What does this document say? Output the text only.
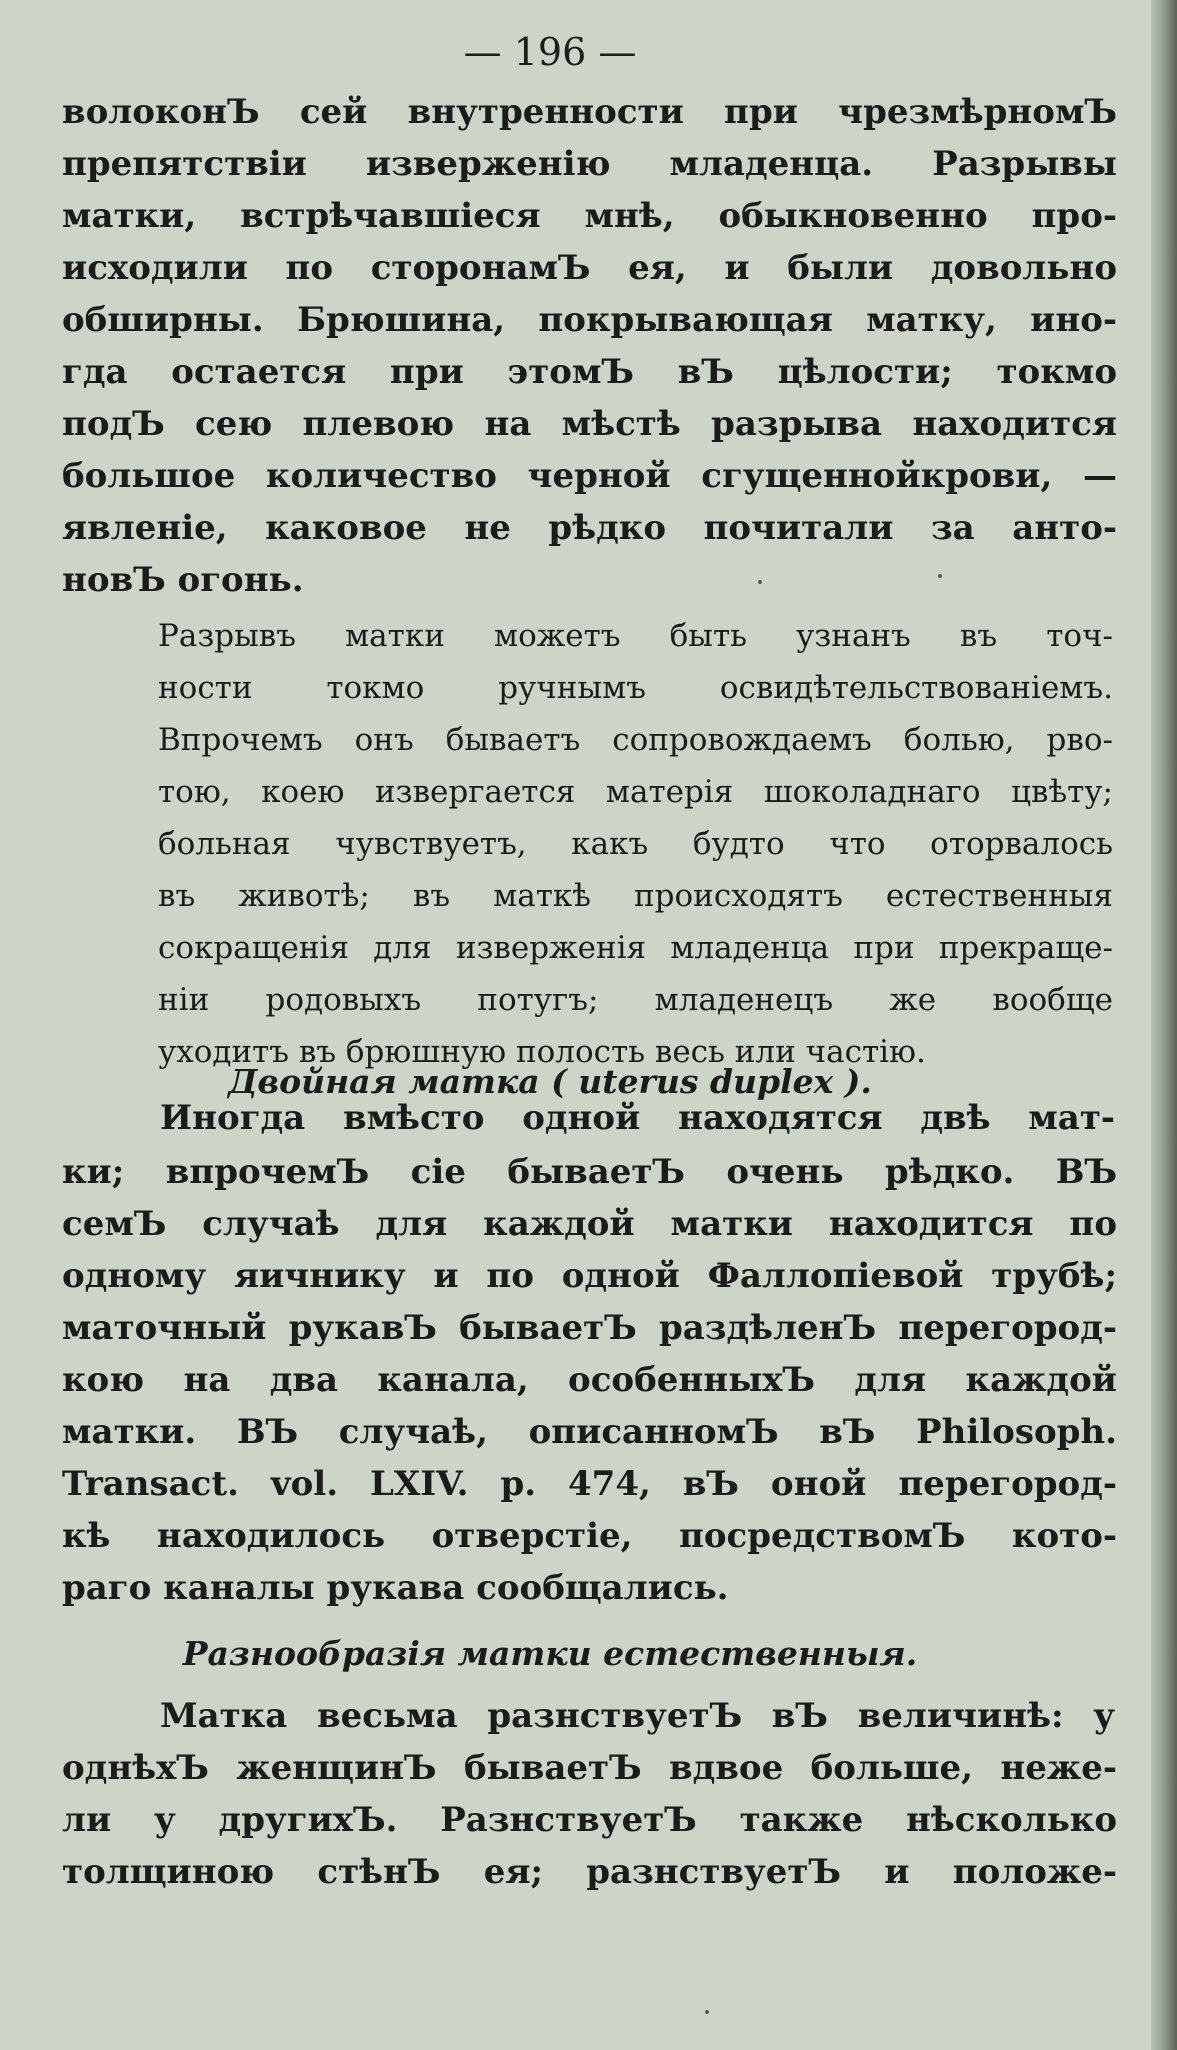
— 196 —
волоконЪ сей внутренности при чрезмѣрномЪ
препятствіи изверженію младенца. Разрывы
матки, встрѣчавшіеся мнѣ, обыкновенно про-
исходили по сторонамЪ ея, и были довольно
обширны. Брюшина, покрывающая матку, ино-
гда остается при этомЪ вЪ цѣлости; токмо
подЪ сею плевою на мѣстѣ разрыва находится
большое количество черной сгущеннойкрови, —
явленіе, каковое не рѣдко почитали за анто-
новЪ огонь.
Разрывъ матки можетъ быть узнанъ въ точ-
ности токмо ручнымъ освидѣтельствованіемъ.
Впрочемъ онъ бываетъ сопровождаемъ болью, рво-
тою, коею извергается матерія шоколаднаго цвѣту;
больная чувствуетъ, какъ будто что оторвалось
въ животѣ; въ маткѣ происходятъ естественныя
сокращенія для изверженія младенца при прекраще-
ніи родовыхъ потугъ; младенецъ же вообще
уходитъ въ брюшную полость весь или частію.
Двойная матка ( uterus duplex ).
Иногда вмѣсто одной находятся двѣ мат-
ки; впрочемЪ сіе бываетЪ очень рѣдко. ВЪ
семЪ случаѣ для каждой матки находится по
одному яичнику и по одной Фаллопіевой трубѣ;
маточный рукавЪ бываетЪ раздѣленЪ перегород-
кою на два канала, особенныхЪ для каждой
матки. ВЪ случаѣ, описанномЪ вЪ Philosoph.
Transact. vol. LXIV. p. 474, вЪ оной перегород-
кѣ находилось отверстіе, посредствомЪ кото-
раго каналы рукава сообщались.
Разнообразія матки естественныя.
Матка весьма разнствуетЪ вЪ величинѣ: у
однѣхЪ женщинЪ бываетЪ вдвое больше, неже-
ли у другихЪ. РазнствуетЪ также нѣсколько
толщиною стѣнЪ ея; разнствуетЪ и положе-
